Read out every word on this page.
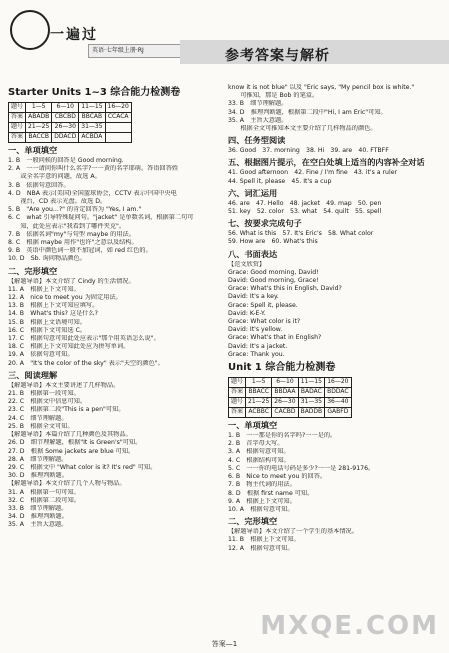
一遍过
英语·七年级上册·RJ	参考答案与解析
Starter Units 1~3 综合能力检测卷
题号	1—5	6—10	11—15	16—20
答案	ABADB	CBCBD	BBCAB	CCACA
题号	21—25	26—30	31—35	
答案	BACCB	DDACD	ACBDA	
一、单项填空
1. B　一般问候的回答是 Good morning.
2. A　一一请问你叫什么名字?一一黄的名字耶萌。答语回答姓
　　或全名字意的问题，故选 A。
3. B　依据句意回答。
4. D　NBA 表示(美国)全国篮球协会，CCTV 表示中国中央电
　　视台，CD 表示光盘。故选 D。
5. B　"Are you...?" 的肯定回答为 "Yes, I am."
6. C　what 引导特殊疑问句。"jacket" 是单数名词，根据第二句可
　　知，此处应表示"我看到了哪件夹克"。
7. B　依据名词"my"与句型 maybe 的用法。
8. C　根据 maybe 用作"也许"之意以及结构。
9. B　英语中颜色词一般不加冠词，如 red 红色的。
10. D　Sb. 询问物品颜色。
二、完形填空
【解题导语】本文介绍了 Cindy 的生活情况。
11. A　根据上下文可知。
12. A　nice to meet you 为固定用法。
13. B　根据上下文可知应填写。
14. B　What's this? 这是什么?
15. B　根据上文语境可知。
16. C　根据下文可知选 C。
17. C　根据句意可知此处应表示"那个用英语怎么说"。
18. C　根据上下文可知此处应为拼写单词。
19. A　依据句意可知。
20. A　"It's the color of the sky" 表示"天空的颜色"。
三、阅读理解
【解题导语】本文主要讲述了几样物品。
21. B　根据第一段可知。
22. C　根据文中信息可知。
23. C　根据第二段"This is a pen"可知。
24. C　细节理解题。
25. B　根据全文可知。
【解题导语】本篇介绍了几种颜色及其物品。
26. D　细节理解题，根据"It is Green's"可知。
27. D　根据 Some jackets are blue 可知。
28. A　细节理解题。
29. C　根据文中 "What color is it? It's red" 可知。
30. D　推理判断题。
【解题导语】本文介绍了几个人物与物品。
31. A　根据第一句可知。
32. C　根据第二段可知。
33. B　细节理解题。
34. D　推理判断题。
35. A　主旨大意题。
know it is not blue" 以及 "Eric says, "My pencil box is white."
　　可推知，那是 Bob 的笔盒。
33. B　细节理解题。
34. D　推理判断题，根据第二段中"Hi, I am Eric"可知。
35. A　主旨大意题。
　　根据全文可推知本文主要介绍了几样物品的颜色。
四、任务型阅读
36. Good　37. morning　38. Hi　39. are　40. FTBFF
五、根据图片提示，在空白处填上适当的内容补全对话
41. Good afternoon　42. Fine / I'm fine　43. it's a ruler
44. Spell it, please　45. It's a cup
六、词汇运用
46. are　47. Hello　48. jacket　49. map　50. pen
51. key　52. color　53. what　54. quilt　55. spell
七、按要求完成句子
56. What is this　57. It's Eric's　58. What color
59. How are　60. What's this
八、书面表达
【范文欣赏】
Grace: Good morning, David!
David: Good morning, Grace!
Grace: What's this in English, David?
David: It's a key.
Grace: Spell it, please.
David: K-E-Y.
Grace: What color is it?
David: It's yellow.
Grace: What's that in English?
David: It's a jacket.
Grace: Thank you.
Unit 1 综合能力检测卷
题号	1—5	6—10	11—15	16—20
答案	BBACC	BBDAA	BADAC	BDDAC
题号	21—25	26—30	31—35	36—40
答案	ACBBC	CACBD	BADDB	GABFD
一、单项填空
1. B　一一那是你的名字吗?一一是的。
2. B　首字母大写。
3. A　根据句意可知。
4. C　根据结构可知。
5. C　一一你的电话号码是多少?一一是 281-9176。
6. B　Nice to meet you 的回答。
7. B　物主代词的用法。
8. D　根据 first name 可知。
9. A　根据上下文可知。
10. A　根据句意可知。
二、完形填空
【解题导语】本文介绍了一个学生的基本情况。
11. B　根据上下文可知。
12. A　根据句意可知。
MXQE.COM
答案—1
